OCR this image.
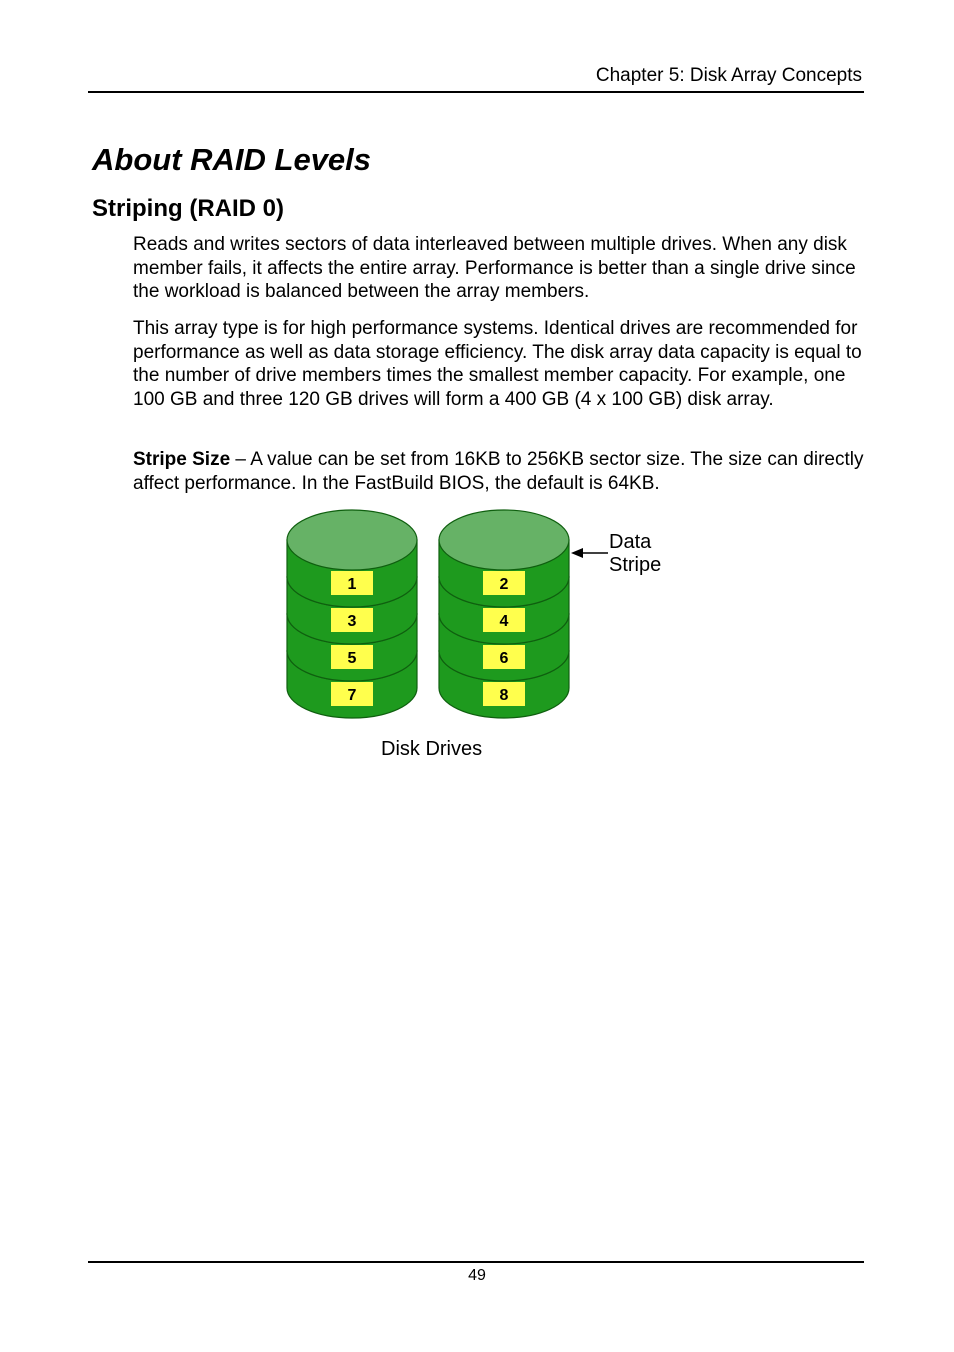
Chapter 5: Disk Array Concepts
About RAID Levels
Striping (RAID 0)

Reads and writes sectors of data interleaved between multiple drives. When any disk member fails, it affects the entire array. Performance is better than a single drive since the workload is balanced between the array members.

This array type is for high performance systems. Identical drives are recommended for performance as well as data storage efficiency. The disk array data capacity is equal to the number of drive members times the smallest member capacity. For example, one 100 GB and three 120 GB drives will form a 400 GB (4 x 100 GB) disk array.

Stripe Size – A value can be set from 16KB to 256KB sector size. The size can directly affect performance. In the FastBuild BIOS, the default is 64KB.

1
3
5
7
2
4
6
8
Data
Stripe
Disk Drives
49
